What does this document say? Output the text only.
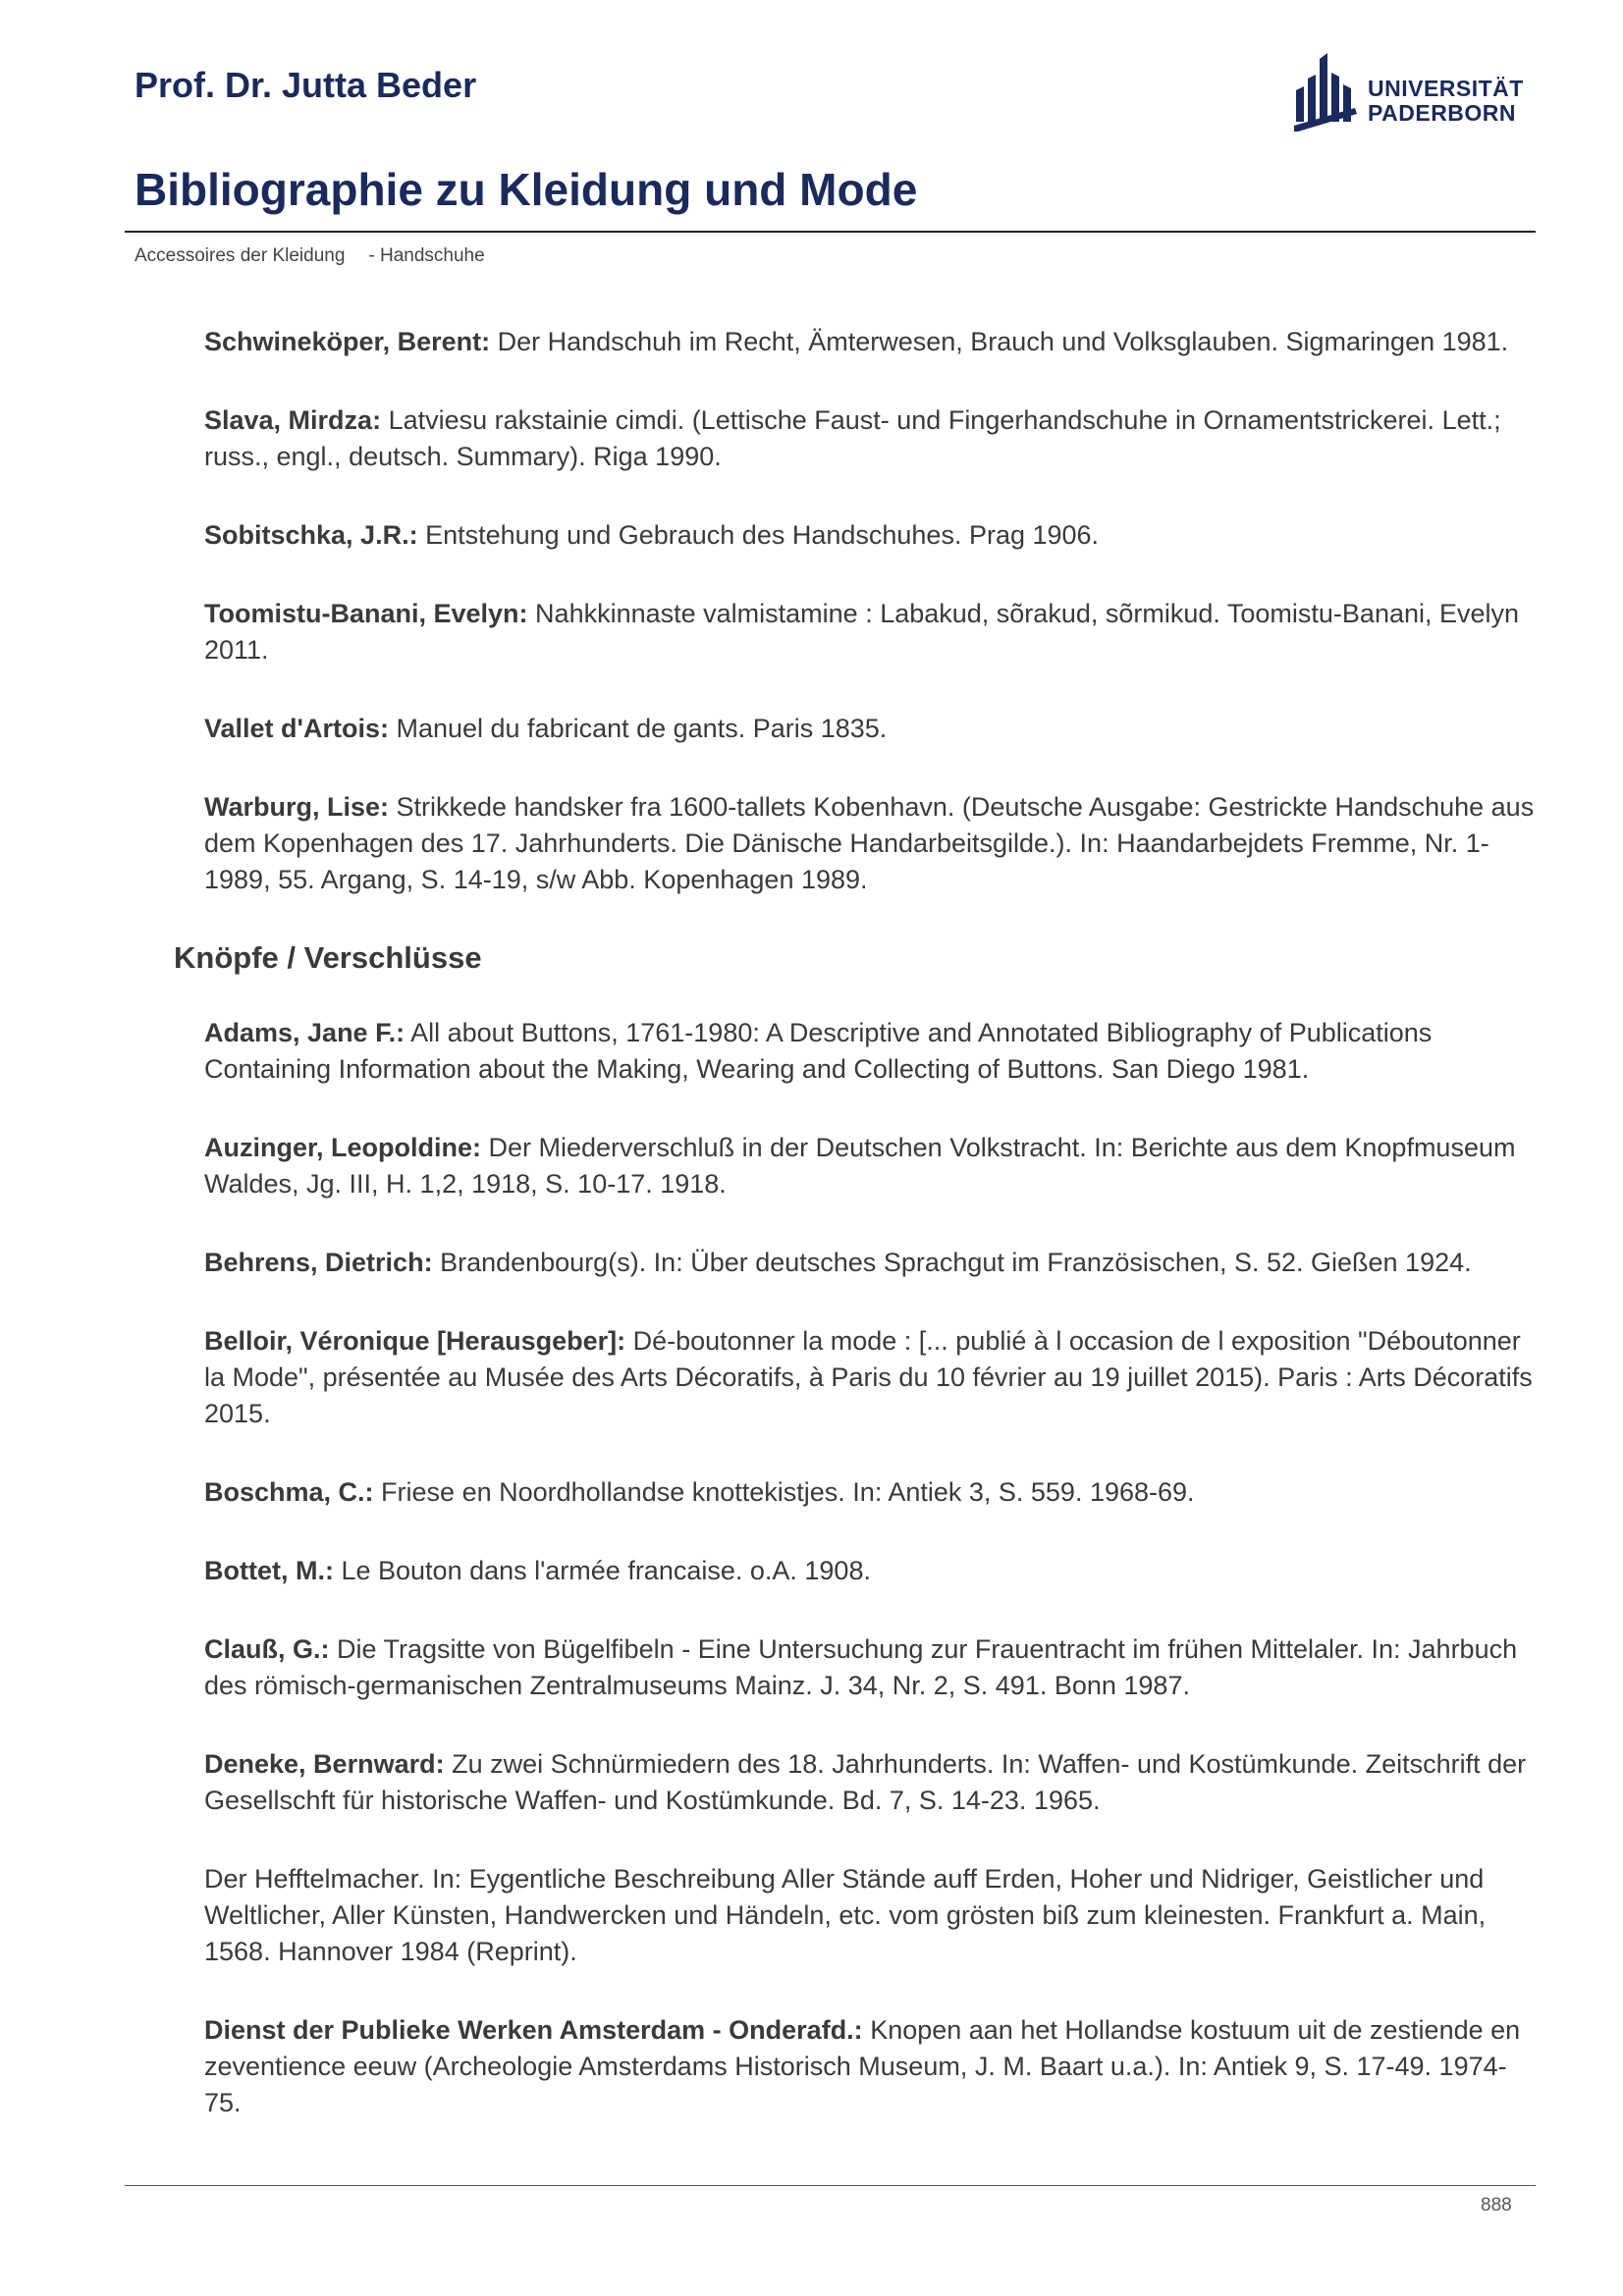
Prof. Dr. Jutta Beder	UNIVERSITÄT
PADERBORN
Bibliographie zu Kleidung und Mode
Accessoires der Kleidung - Handschuhe
Schwineköper, Berent: Der Handschuh im Recht, Ämterwesen, Brauch und Volksglauben. Sigmaringen 1981.
Slava, Mirdza: Latviesu rakstainie cimdi. (Lettische Faust- und Fingerhandschuhe in Ornamentstrickerei. Lett.; russ., engl., deutsch. Summary). Riga 1990.
Sobitschka, J.R.: Entstehung und Gebrauch des Handschuhes. Prag 1906.
Toomistu-Banani, Evelyn: Nahkkinnaste valmistamine : Labakud, sõrakud, sõrmikud. Toomistu-Banani, Evelyn 2011.
Vallet d'Artois: Manuel du fabricant de gants. Paris 1835.
Warburg, Lise: Strikkede handsker fra 1600-tallets Kobenhavn. (Deutsche Ausgabe: Gestrickte Handschuhe aus dem Kopenhagen des 17. Jahrhunderts. Die Dänische Handarbeitsgilde.). In: Haandarbejdets Fremme, Nr. 1-1989, 55. Argang, S. 14-19, s/w Abb. Kopenhagen 1989.
Knöpfe / Verschlüsse
Adams, Jane F.: All about Buttons, 1761-1980: A Descriptive and Annotated Bibliography of Publications Containing Information about the Making, Wearing and Collecting of Buttons. San Diego 1981.
Auzinger, Leopoldine: Der Miederverschluß in der Deutschen Volkstracht. In: Berichte aus dem Knopfmuseum Waldes, Jg. III, H. 1,2, 1918, S. 10-17. 1918.
Behrens, Dietrich: Brandenbourg(s). In: Über deutsches Sprachgut im Französischen, S. 52. Gießen 1924.
Belloir, Véronique [Herausgeber]: Dé-boutonner la mode : [... publié à l occasion de l exposition "Déboutonner la Mode", présentée au Musée des Arts Décoratifs, à Paris du 10 février au 19 juillet 2015). Paris : Arts Décoratifs 2015.
Boschma, C.: Friese en Noordhollandse knottekistjes. In: Antiek 3, S. 559. 1968-69.
Bottet, M.: Le Bouton dans l'armée francaise. o.A. 1908.
Clauß, G.: Die Tragsitte von Bügelfibeln - Eine Untersuchung zur Frauentracht im frühen Mittelaler. In: Jahrbuch des römisch-germanischen Zentralmuseums Mainz. J. 34, Nr. 2, S. 491. Bonn 1987.
Deneke, Bernward: Zu zwei Schnürmiedern des 18. Jahrhunderts. In: Waffen- und Kostümkunde. Zeitschrift der Gesellschft für historische Waffen- und Kostümkunde. Bd. 7, S. 14-23. 1965.
Der Hefftelmacher. In: Eygentliche Beschreibung Aller Stände auff Erden, Hoher und Nidriger, Geistlicher und Weltlicher, Aller Künsten, Handwercken und Händeln, etc. vom grösten biß zum kleinesten. Frankfurt a. Main, 1568. Hannover 1984 (Reprint).
Dienst der Publieke Werken Amsterdam - Onderafd.: Knopen aan het Hollandse kostuum uit de zestiende en zeventience eeuw (Archeologie Amsterdams Historisch Museum, J. M. Baart u.a.). In: Antiek 9, S. 17-49. 1974-75.
888
